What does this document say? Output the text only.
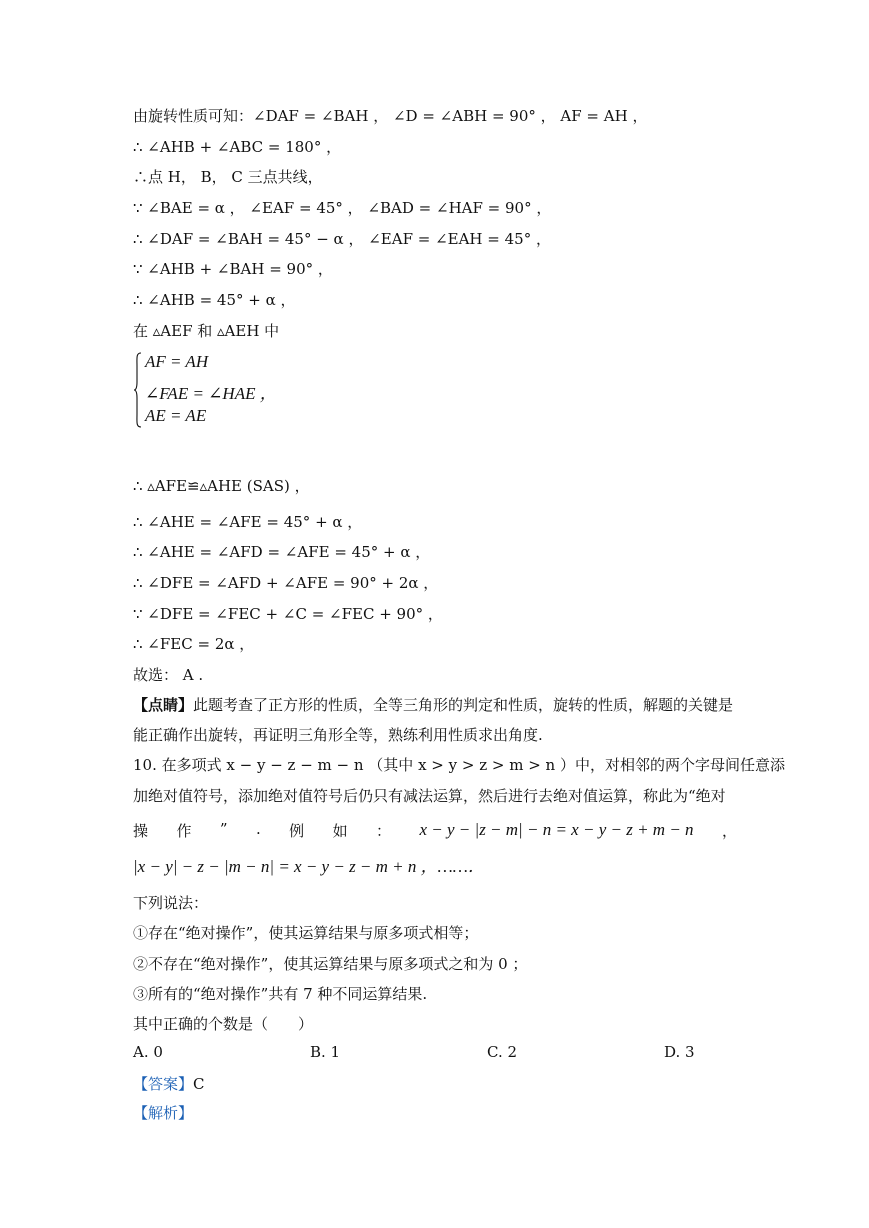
由旋转性质可知：∠DAF = ∠BAH ， ∠D = ∠ABH = 90° ， AF = AH ，
∴ ∠AHB + ∠ABC = 180° ，
∴点 H， B， C 三点共线，
∵ ∠BAE = α ， ∠EAF = 45° ， ∠BAD = ∠HAF = 90° ，
∴ ∠DAF = ∠BAH = 45° − α ， ∠EAF = ∠EAH = 45° ，
∵ ∠AHB + ∠BAH = 90° ，
∴ ∠AHB = 45° + α ，
在 ▵AEF 和 ▵AEH 中
AF = AH
∠FAE = ∠HAE ，
AE = AE
∴ ▵AFE≌▵AHE (SAS) ，
∴ ∠AHE = ∠AFE = 45° + α ，
∴ ∠AHE = ∠AFD = ∠AFE = 45° + α ，
∴ ∠DFE = ∠AFD + ∠AFE = 90° + 2α ，
∵ ∠DFE = ∠FEC + ∠C = ∠FEC + 90° ，
∴ ∠FEC = 2α ，
故选： A .
【点睛】此题考查了正方形的性质，全等三角形的判定和性质，旋转的性质，解题的关键是
能正确作出旋转，再证明三角形全等，熟练利用性质求出角度.
10. 在多项式 x − y − z − m − n （其中 x > y > z > m > n ）中，对相邻的两个字母间任意添
加绝对值符号，添加绝对值符号后仍只有减法运算，然后进行去绝对值运算，称此为“绝对
操 作 ” . 例 如 ： x − y − |z − m| − n = x − y − z + m − n ，
|x − y| − z − |m − n| = x − y − z − m + n ，……．
下列说法：
①存在“绝对操作”，使其运算结果与原多项式相等；
②不存在“绝对操作”，使其运算结果与原多项式之和为 0 ；
③所有的“绝对操作”共有 7 种不同运算结果.
其中正确的个数是（　　）
A. 0	B. 1	C. 2	D. 3
【答案】C
【解析】
